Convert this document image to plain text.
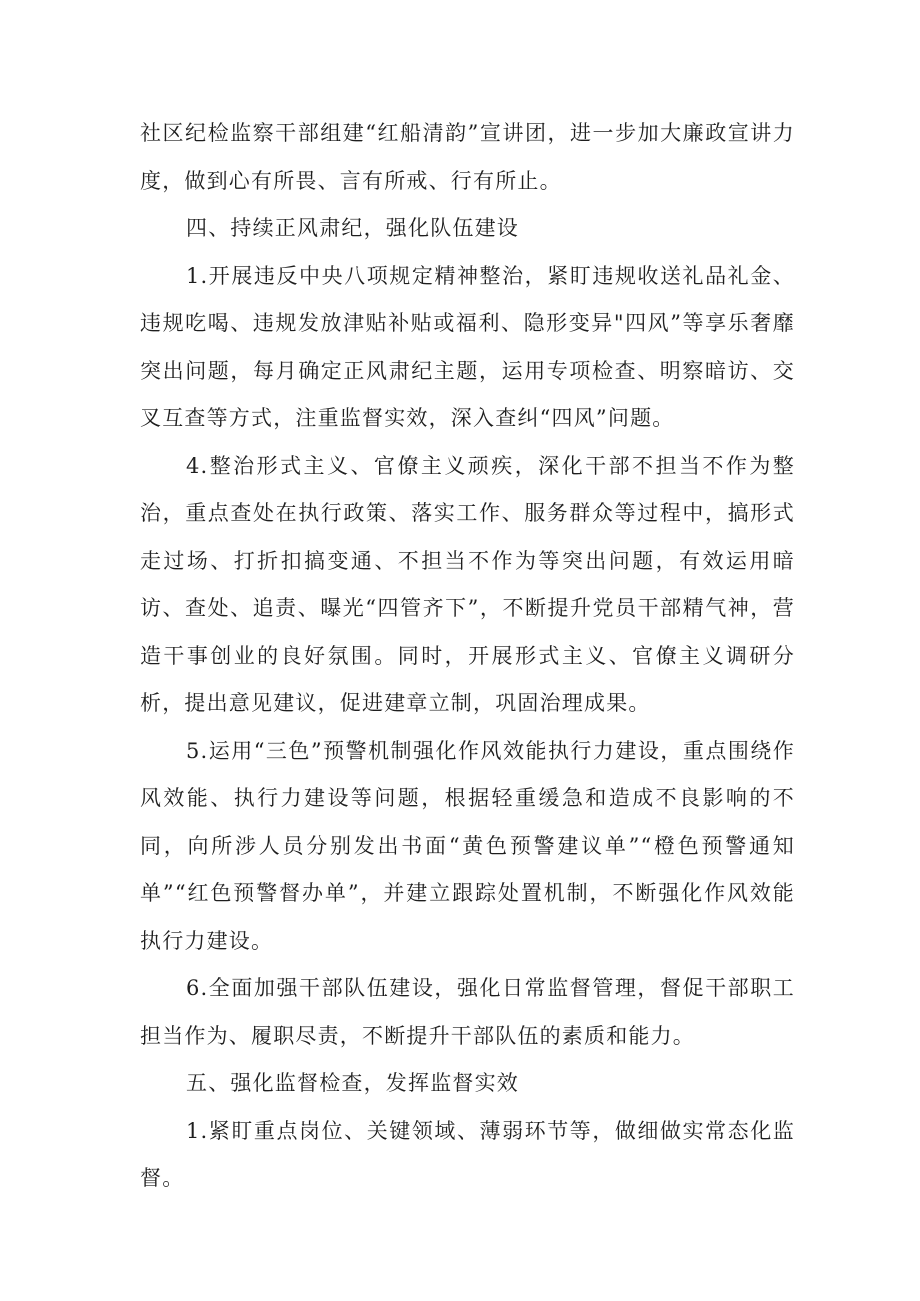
社区纪检监察干部组建“红船清韵”宣讲团，进一步加大廉政宣讲力度，做到心有所畏、言有所戒、行有所止。

四、持续正风肃纪，强化队伍建设

1.开展违反中央八项规定精神整治，紧盯违规收送礼品礼金、违规吃喝、违规发放津贴补贴或福利、隐形变异"四风”等享乐奢靡突出问题，每月确定正风肃纪主题，运用专项检查、明察暗访、交叉互查等方式，注重监督实效，深入查纠“四风”问题。

4.整治形式主义、官僚主义顽疾，深化干部不担当不作为整治，重点查处在执行政策、落实工作、服务群众等过程中，搞形式走过场、打折扣搞变通、不担当不作为等突出问题，有效运用暗访、查处、追责、曝光“四管齐下”，不断提升党员干部精气神，营造干事创业的良好氛围。同时，开展形式主义、官僚主义调研分析，提出意见建议，促进建章立制，巩固治理成果。

5.运用“三色”预警机制强化作风效能执行力建设，重点围绕作风效能、执行力建设等问题，根据轻重缓急和造成不良影响的不同，向所涉人员分别发出书面“黄色预警建议单”“橙色预警通知单”“红色预警督办单”，并建立跟踪处置机制，不断强化作风效能执行力建设。

6.全面加强干部队伍建设，强化日常监督管理，督促干部职工担当作为、履职尽责，不断提升干部队伍的素质和能力。

五、强化监督检查，发挥监督实效

1.紧盯重点岗位、关键领域、薄弱环节等，做细做实常态化监督。
